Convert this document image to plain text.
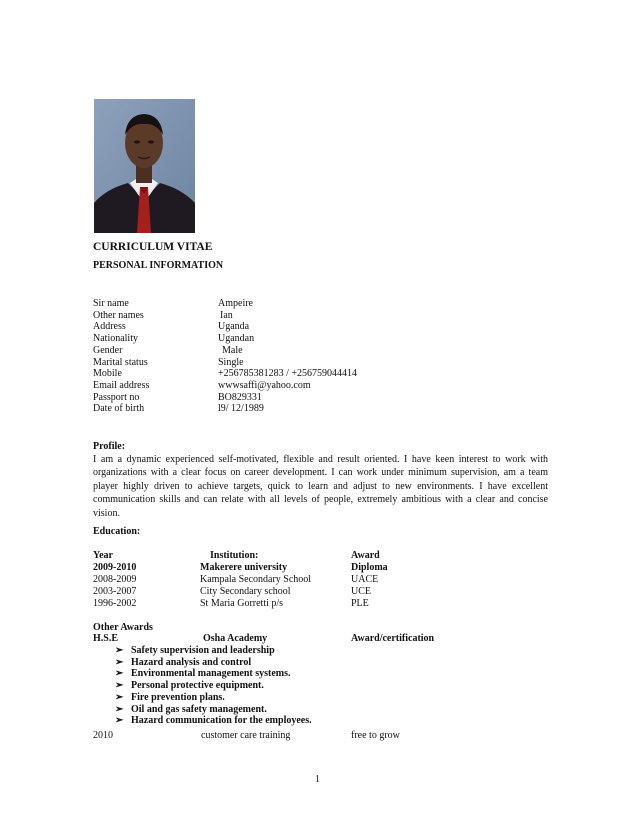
CURRICULUM VITAE
PERSONAL INFORMATION
Sir name	Ampeire
Other names	Ian
Address	Uganda
Nationality	Ugandan
Gender	Male
Marital status	Single
Mobile	+256785381283 / +256759044414
Email address	wwwsaffi@yahoo.com
Passport no	BO829331
Date of birth	l9/ 12/1989
Profile:
I am a dynamic experienced self-motivated, flexible and result oriented. I have keen interest to work with organizations with a clear focus on career development. I can work under minimum supervision, am a team player highly driven to achieve targets, quick to learn and adjust to new environments. I have excellent communication skills and can relate with all levels of people, extremely ambitious with a clear and concise vision.
Education:
Year	Institution:	Award
2009-2010	Makerere university	Diploma
2008-2009	Kampala Secondary School	UACE
2003-2007	City Secondary school	UCE
1996-2002	St Maria Gorretti p/s	PLE
Other Awards
H.S.E	Osha Academy	Award/certification
➢ Safety supervision and leadership
➢ Hazard analysis and control
➢ Environmental management systems.
➢ Personal protective equipment.
➢ Fire prevention plans.
➢ Oil and gas safety management.
➢ Hazard communication for the employees.
2010	customer care training	free to grow
1
